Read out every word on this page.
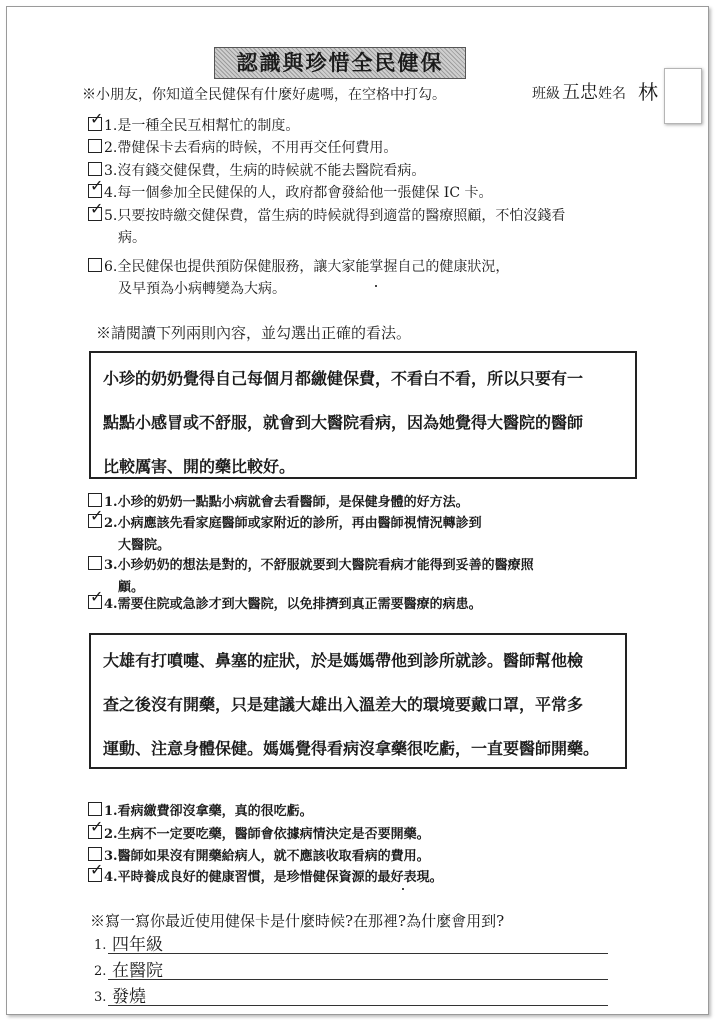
認識與珍惜全民健保
※小朋友，你知道全民健保有什麼好處嗎，在空格中打勾。	班級 五忠 姓名 林
✓ 1.是一種全民互相幫忙的制度。
2.帶健保卡去看病的時候，不用再交任何費用。
3.沒有錢交健保費，生病的時候就不能去醫院看病。
✓ 4.每一個參加全民健保的人，政府都會發給他一張健保 IC 卡。
✓ 5.只要按時繳交健保費，當生病的時候就得到適當的醫療照顧，不怕沒錢看
病。
6.全民健保也提供預防保健服務，讓大家能掌握自己的健康狀況，
及早預為小病轉變為大病。
※請閱讀下列兩則內容，並勾選出正確的看法。
小珍的奶奶覺得自己每個月都繳健保費，不看白不看，所以只要有一
點點小感冒或不舒服，就會到大醫院看病，因為她覺得大醫院的醫師
比較厲害、開的藥比較好。
1.小珍的奶奶一點點小病就會去看醫師，是保健身體的好方法。
✓ 2.小病應該先看家庭醫師或家附近的診所，再由醫師視情況轉診到
大醫院。
3.小珍奶奶的想法是對的，不舒服就要到大醫院看病才能得到妥善的醫療照
顧。
✓ 4.需要住院或急診才到大醫院，以免排擠到真正需要醫療的病患。
大雄有打噴嚏、鼻塞的症狀，於是媽媽帶他到診所就診。醫師幫他檢
查之後沒有開藥，只是建議大雄出入溫差大的環境要戴口罩，平常多
運動、注意身體保健。媽媽覺得看病沒拿藥很吃虧，一直要醫師開藥。
1.看病繳費卻沒拿藥，真的很吃虧。
✓ 2.生病不一定要吃藥，醫師會依據病情決定是否要開藥。
3.醫師如果沒有開藥給病人，就不應該收取看病的費用。
✓ 4.平時養成良好的健康習慣，是珍惜健保資源的最好表現。
※寫一寫你最近使用健保卡是什麼時候?在那裡?為什麼會用到?
1. 四年級
2. 在醫院
3. 發燒
